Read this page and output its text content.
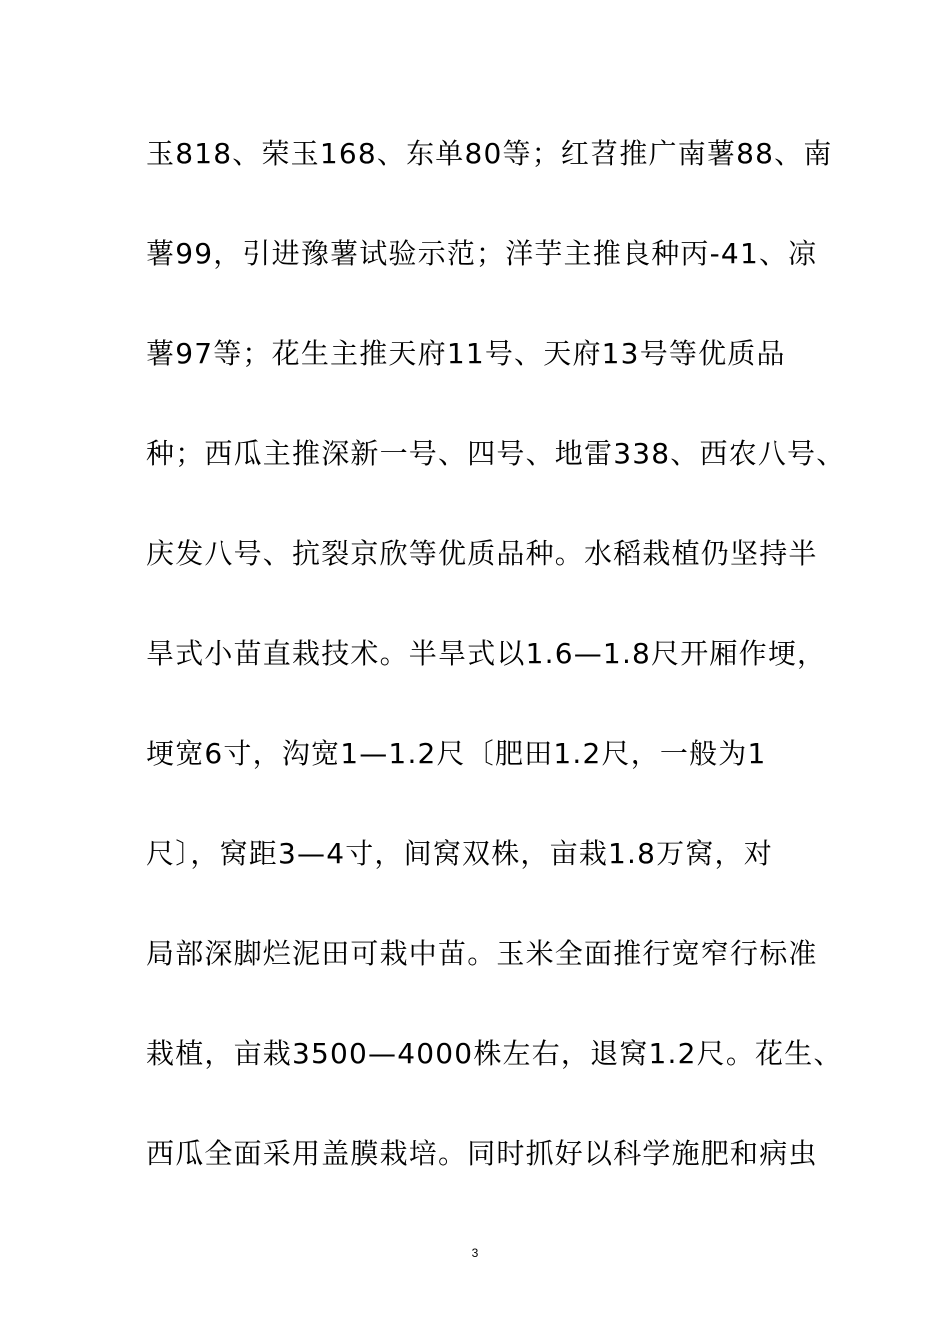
玉818、荣玉168、东单80等；红苕推广南薯88、南
薯99，引进豫薯试验示范；洋芋主推良种丙-41、凉
薯97等；花生主推天府11号、天府13号等优质品
种；西瓜主推深新一号、四号、地雷338、西农八号、
庆发八号、抗裂京欣等优质品种。水稻栽植仍坚持半
旱式小苗直栽技术。半旱式以1.6—1.8尺开厢作埂，
埂宽6寸，沟宽1—1.2尺〔肥田1.2尺，一般为1
尺〕，窝距3—4寸，间窝双株，亩栽1.8万窝，对
局部深脚烂泥田可栽中苗。玉米全面推行宽窄行标准
栽植，亩栽3500—4000株左右，退窝1.2尺。花生、
西瓜全面采用盖膜栽培。同时抓好以科学施肥和病虫
3
